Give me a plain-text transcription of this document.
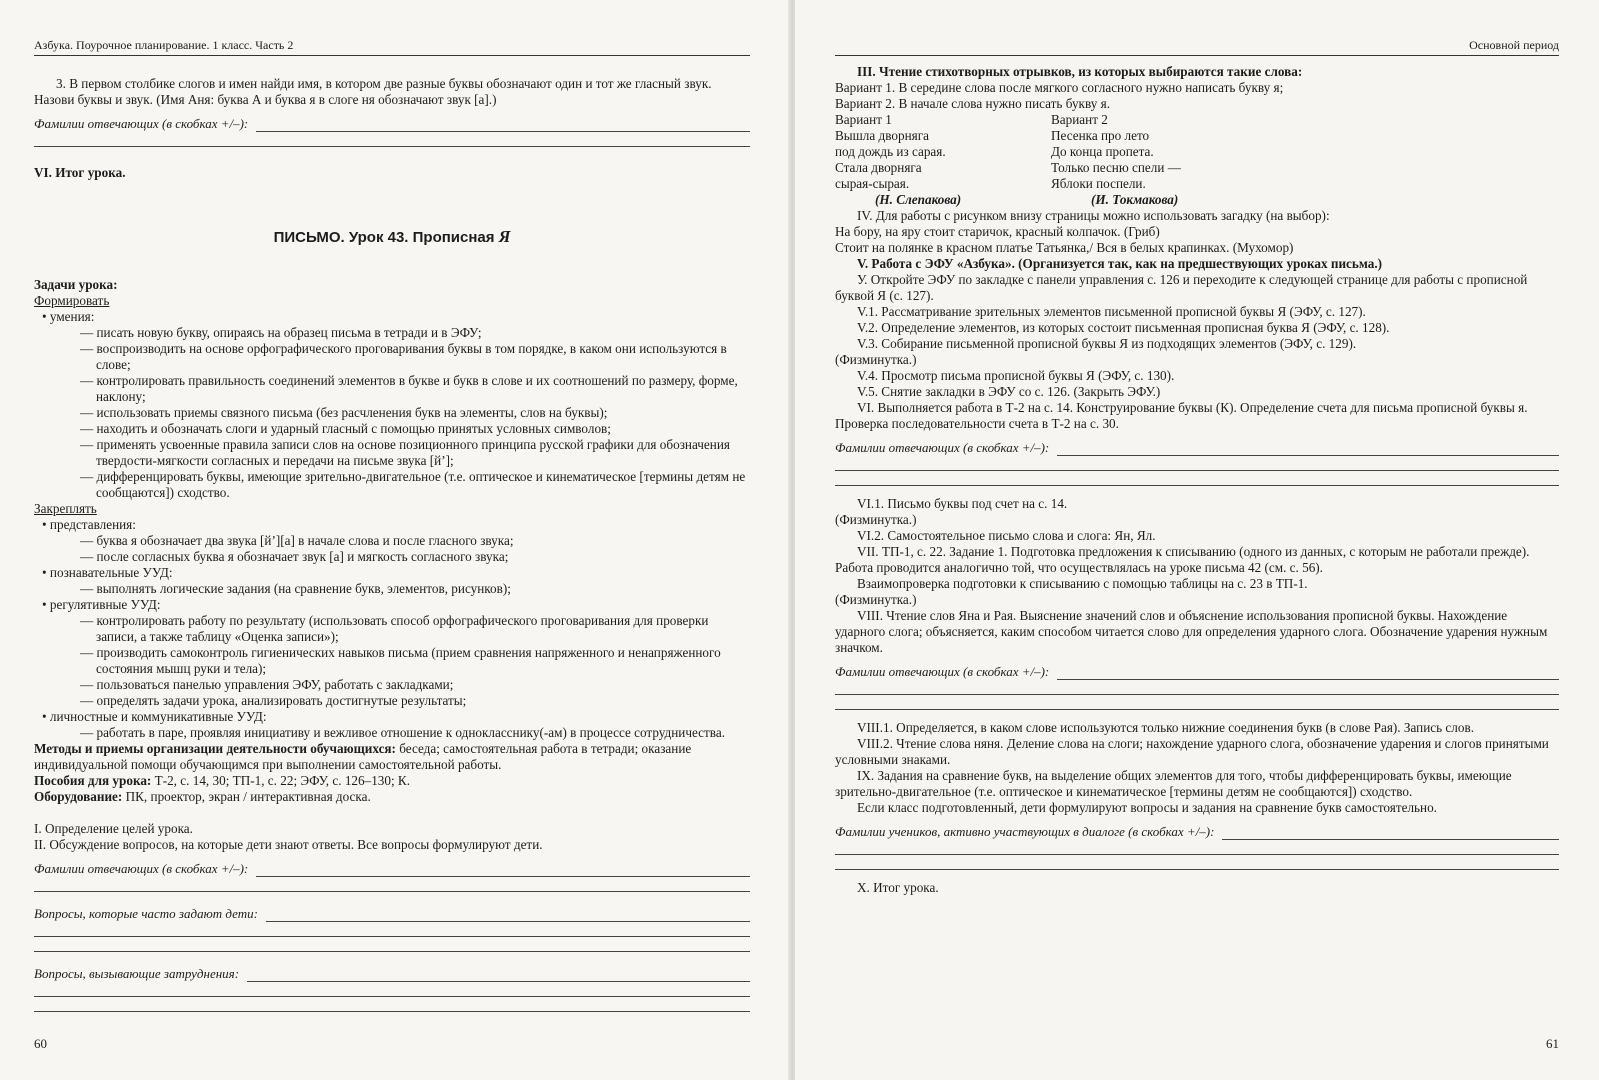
Азбука. Поурочное планирование. 1 класс. Часть 2

3. В первом столбике слогов и имен найди имя, в котором две разные буквы обозначают один и тот же гласный звук. Назови буквы и звук. (Имя Аня: буква А и буква я в слоге ня обозначают звук [а].)

Фамилии отвечающих (в скобках +/–):

VI. Итог урока.

ПИСЬМО. Урок 43. Прописная Я

Задачи урока:

Формировать

• умения:

— писать новую букву, опираясь на образец письма в тетради и в ЭФУ;

— воспроизводить на основе орфографического проговаривания буквы в том порядке, в каком они используются в слове;

— контролировать правильность соединений элементов в букве и букв в слове и их соотношений по размеру, форме, наклону;

— использовать приемы связного письма (без расчленения букв на элементы, слов на буквы);

— находить и обозначать слоги и ударный гласный с помощью принятых условных символов;

— применять усвоенные правила записи слов на основе позиционного принципа русской графики для обозначения твердости-мягкости согласных и передачи на письме звука [й’];

— дифференцировать буквы, имеющие зрительно-двигательное (т.е. оптическое и кинематическое [термины детям не сообщаются]) сходство.

Закреплять

• представления:

— буква я обозначает два звука [й’][а] в начале слова и после гласного звука;

— после согласных буква я обозначает звук [а] и мягкость согласного звука;

• познавательные УУД:

— выполнять логические задания (на сравнение букв, элементов, рисунков);

• регулятивные УУД:

— контролировать работу по результату (использовать способ орфографического проговаривания для проверки записи, а также таблицу «Оценка записи»);

— производить самоконтроль гигиенических навыков письма (прием сравнения напряженного и ненапряженного состояния мышц руки и тела);

— пользоваться панелью управления ЭФУ, работать с закладками;

— определять задачи урока, анализировать достигнутые результаты;

• личностные и коммуникативные УУД:

— работать в паре, проявляя инициативу и вежливое отношение к однокласснику(-ам) в процессе сотрудничества.

Методы и приемы организации деятельности обучающихся: беседа; самостоятельная работа в тетради; оказание индивидуальной помощи обучающимся при выполнении самостоятельной работы.

Пособия для урока: Т-2, с. 14, 30; ТП-1, с. 22; ЭФУ, с. 126–130; К.

Оборудование: ПК, проектор, экран / интерактивная доска.

I. Определение целей урока.

II. Обсуждение вопросов, на которые дети знают ответы. Все вопросы формулируют дети.

Фамилии отвечающих (в скобках +/–):
Вопросы, которые часто задают дети:
Вопросы, вызывающие затруднения:
60
Основной период

III. Чтение стихотворных отрывков, из которых выбираются такие слова:

Вариант 1. В середине слова после мягкого согласного нужно написать букву я;

Вариант 2. В начале слова нужно писать букву я.

Вариант 1

Вышла дворняга

под дождь из сарая.

Стала дворняга

сырая-сырая.

(Н. Слепакова)

Вариант 2

Песенка про лето

До конца пропета.

Только песню спели —

Яблоки поспели.

(И. Токмакова)

IV. Для работы с рисунком внизу страницы можно использовать загадку (на выбор):

На бору, на яру стоит старичок, красный колпачок. (Гриб)

Стоит на полянке в красном платье Татьянка,/ Вся в белых крапинках. (Мухомор)

V. Работа с ЭФУ «Азбука». (Организуется так, как на предшествующих уроках письма.)

У. Откройте ЭФУ по закладке с панели управления с. 126 и переходите к следующей странице для работы с прописной буквой Я (с. 127).

V.1. Рассматривание зрительных элементов письменной прописной буквы Я (ЭФУ, с. 127).

V.2. Определение элементов, из которых состоит письменная прописная буква Я (ЭФУ, с. 128).

V.3. Собирание письменной прописной буквы Я из подходящих элементов (ЭФУ, с. 129).

(Физминутка.)

V.4. Просмотр письма прописной буквы Я (ЭФУ, с. 130).

V.5. Снятие закладки в ЭФУ со с. 126. (Закрыть ЭФУ.)

VI. Выполняется работа в Т-2 на с. 14. Конструирование буквы (К). Определение счета для письма прописной буквы я. Проверка последовательности счета в Т-2 на с. 30.

Фамилии отвечающих (в скобках +/–):

VI.1. Письмо буквы под счет на с. 14.

(Физминутка.)

VI.2. Самостоятельное письмо слова и слога: Ян, Ял.

VII. ТП-1, с. 22. Задание 1. Подготовка предложения к списыванию (одного из данных, с которым не работали прежде). Работа проводится аналогично той, что осуществлялась на уроке письма 42 (см. с. 56).

Взаимопроверка подготовки к списыванию с помощью таблицы на с. 23 в ТП-1.

(Физминутка.)

VIII. Чтение слов Яна и Рая. Выяснение значений слов и объяснение использования прописной буквы. Нахождение ударного слога; объясняется, каким способом читается слово для определения ударного слога. Обозначение ударения нужным значком.

Фамилии отвечающих (в скобках +/–):

VIII.1. Определяется, в каком слове используются только нижние соединения букв (в слове Рая). Запись слов.

VIII.2. Чтение слова няня. Деление слова на слоги; нахождение ударного слога, обозначение ударения и слогов принятыми условными знаками.

IX. Задания на сравнение букв, на выделение общих элементов для того, чтобы дифференцировать буквы, имеющие зрительно-двигательное (т.е. оптическое и кинематическое [термины детям не сообщаются]) сходство.

Если класс подготовленный, дети формулируют вопросы и задания на сравнение букв самостоятельно.

Фамилии учеников, активно участвующих в диалоге (в скобках +/–):

X. Итог урока.

61
